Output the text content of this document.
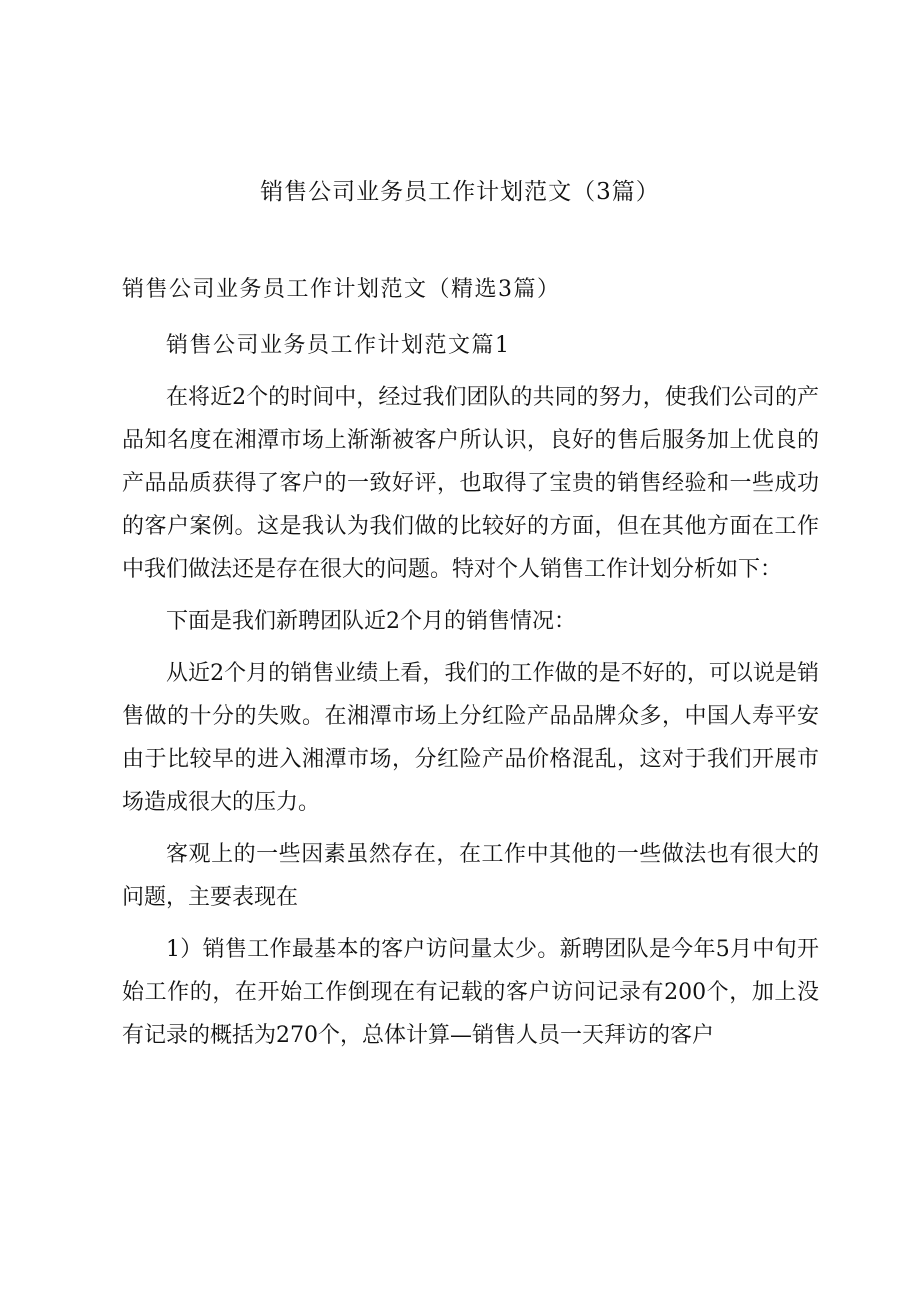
销售公司业务员工作计划范文（3篇）

销售公司业务员工作计划范文（精选3篇）

销售公司业务员工作计划范文篇1

在将近2个的时间中，经过我们团队的共同的努力，使我们公司的产品知名度在湘潭市场上渐渐被客户所认识，良好的售后服务加上优良的产品品质获得了客户的一致好评，也取得了宝贵的销售经验和一些成功的客户案例。这是我认为我们做的比较好的方面，但在其他方面在工作中我们做法还是存在很大的问题。特对个人销售工作计划分析如下：

下面是我们新聘团队近2个月的销售情况：

从近2个月的销售业绩上看，我们的工作做的是不好的，可以说是销售做的十分的失败。在湘潭市场上分红险产品品牌众多，中国人寿平安由于比较早的进入湘潭市场，分红险产品价格混乱，这对于我们开展市场造成很大的压力。

客观上的一些因素虽然存在，在工作中其他的一些做法也有很大的问题，主要表现在

1）销售工作最基本的客户访问量太少。新聘团队是今年5月中旬开始工作的，在开始工作倒现在有记载的客户访问记录有200个，加上没有记录的概括为270个，总体计算—销售人员一天拜访的客户
